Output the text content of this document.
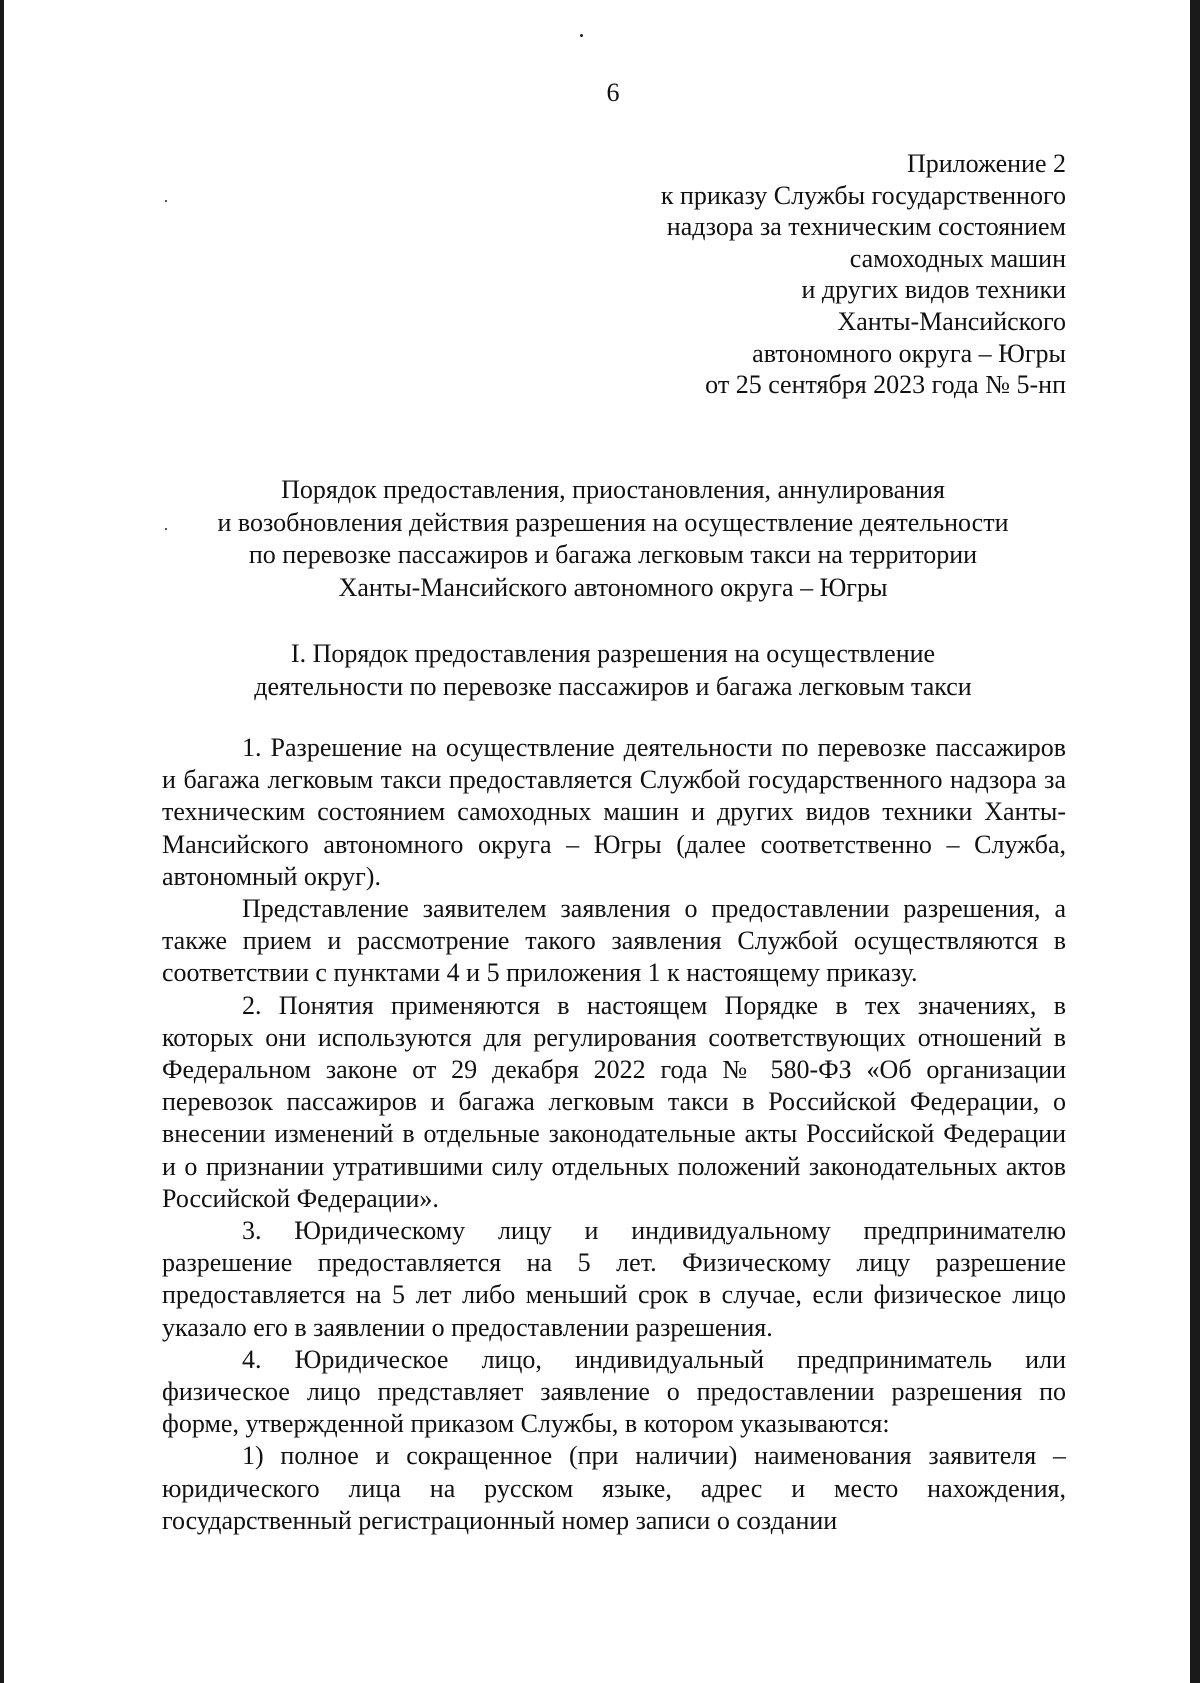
6
Приложение 2
к приказу Службы государственного
надзора за техническим состоянием
самоходных машин
и других видов техники
Ханты-Мансийского
автономного округа – Югры
от 25 сентября 2023 года № 5-нп
Порядок предоставления, приостановления, аннулирования
и возобновления действия разрешения на осуществление деятельности
по перевозке пассажиров и багажа легковым такси на территории
Ханты-Мансийского автономного округа – Югры
I. Порядок предоставления разрешения на осуществление
деятельности по перевозке пассажиров и багажа легковым такси

1. Разрешение на осуществление деятельности по перевозке пассажиров и багажа легковым такси предоставляется Службой государственного надзора за техническим состоянием самоходных машин и других видов техники Ханты-Мансийского автономного округа – Югры (далее соответственно – Служба, автономный округ).

Представление заявителем заявления о предоставлении разрешения, а также прием и рассмотрение такого заявления Службой осуществляются в соответствии с пунктами 4 и 5 приложения 1 к настоящему приказу.

2. Понятия применяются в настоящем Порядке в тех значениях, в которых они используются для регулирования соответствующих отношений в Федеральном законе от 29 декабря 2022 года № 580-ФЗ «Об организации перевозок пассажиров и багажа легковым такси в Российской Федерации, о внесении изменений в отдельные законодательные акты Российской Федерации и о признании утратившими силу отдельных положений законодательных актов Российской Федерации».

3. Юридическому лицу и индивидуальному предпринимателю разрешение предоставляется на 5 лет. Физическому лицу разрешение предоставляется на 5 лет либо меньший срок в случае, если физическое лицо указало его в заявлении о предоставлении разрешения.

4. Юридическое лицо, индивидуальный предприниматель или физическое лицо представляет заявление о предоставлении разрешения по форме, утвержденной приказом Службы, в котором указываются:

1) полное и сокращенное (при наличии) наименования заявителя – юридического лица на русском языке, адрес и место нахождения, государственный регистрационный номер записи о создании
